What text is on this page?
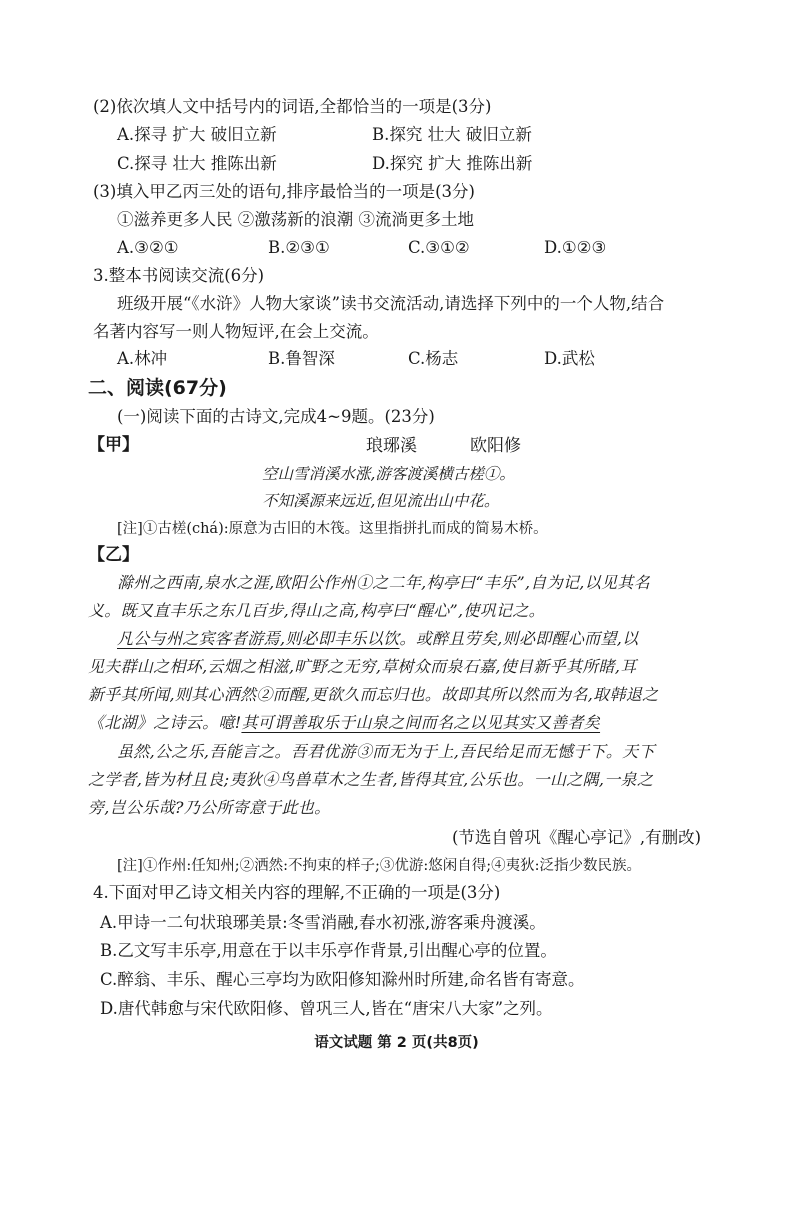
(2)依次填人文中括号内的词语,全都恰当的一项是(3分)
A.探寻 扩大 破旧立新	B.探究 壮大 破旧立新
C.探寻 壮大 推陈出新	D.探究 扩大 推陈出新
(3)填入甲乙丙三处的语句,排序最恰当的一项是(3分)
①滋养更多人民 ②激荡新的浪潮 ③流淌更多土地
A.③②①	B.②③①	C.③①②	D.①②③
3.整本书阅读交流(6分)
班级开展“《水浒》人物大家谈”读书交流活动,请选择下列中的一个人物,结合
名著内容写一则人物短评,在会上交流。
A.林冲	B.鲁智深	C.杨志	D.武松
二、阅读(67分)
(一)阅读下面的古诗文,完成4~9题。(23分)
【甲】	琅琊溪	欧阳修
空山雪消溪水涨,游客渡溪横古槎①。
不知溪源来远近,但见流出山中花。
[注]①古槎(chá):原意为古旧的木筏。这里指拼扎而成的简易木桥。
【乙】
滁州之西南,泉水之涯,欧阳公作州①之二年,构亭曰“丰乐”,自为记,以见其名
义。既又直丰乐之东几百步,得山之高,构亭曰“醒心”,使巩记之。
凡公与州之宾客者游焉,则必即丰乐以饮。或醉且劳矣,则必即醒心而望,以
见夫群山之相环,云烟之相滋,旷野之无穷,草树众而泉石嘉,使目新乎其所睹,耳
新乎其所闻,则其心洒然②而醒,更欲久而忘归也。故即其所以然而为名,取韩退之
《北湖》之诗云。噫!其可谓善取乐于山泉之间而名之以见其实又善者矣
虽然,公之乐,吾能言之。吾君优游③而无为于上,吾民给足而无憾于下。天下
之学者,皆为材且良;夷狄④鸟兽草木之生者,皆得其宜,公乐也。一山之隅,一泉之
旁,岂公乐哉?乃公所寄意于此也。
(节选自曾巩《醒心亭记》,有删改)
[注]①作州:任知州;②洒然:不拘束的样子;③优游:悠闲自得;④夷狄:泛指少数民族。
4.下面对甲乙诗文相关内容的理解,不正确的一项是(3分)
A.甲诗一二句状琅琊美景:冬雪消融,春水初涨,游客乘舟渡溪。
B.乙文写丰乐亭,用意在于以丰乐亭作背景,引出醒心亭的位置。
C.醉翁、丰乐、醒心三亭均为欧阳修知滁州时所建,命名皆有寄意。
D.唐代韩愈与宋代欧阳修、曾巩三人,皆在“唐宋八大家”之列。
语文试题 第 2 页(共8页)
